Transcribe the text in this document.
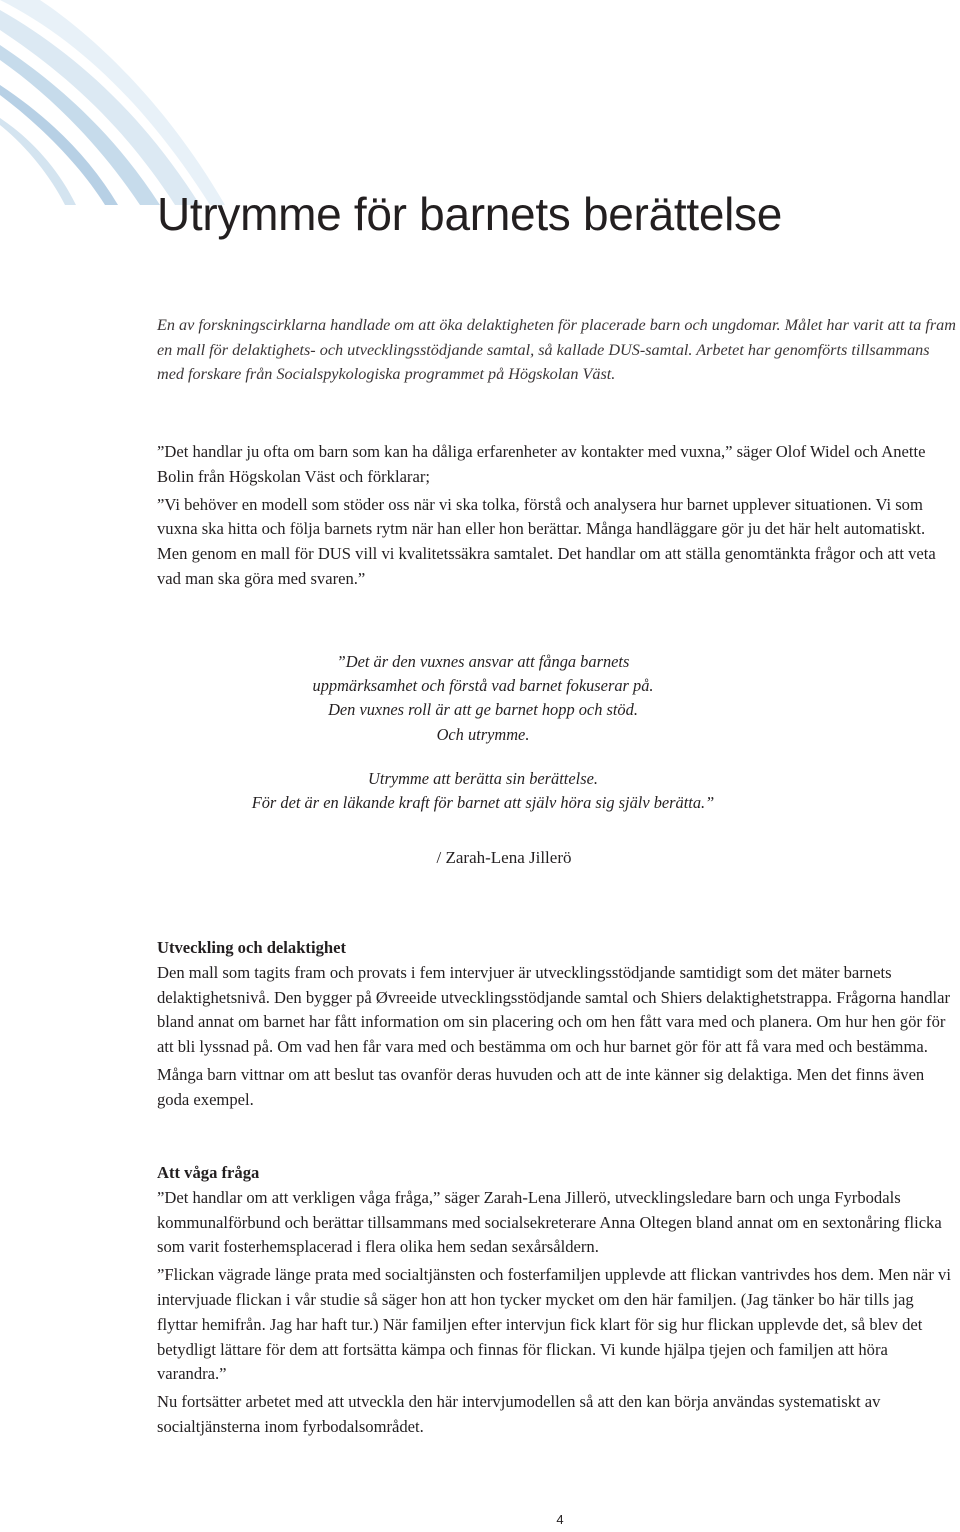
Utrymme för barnets berättelse

En av forskningscirklarna handlade om att öka delaktigheten för placerade barn och ungdomar. Målet har varit att ta fram en mall för delaktighets- och utvecklingsstödjande samtal, så kallade DUS-samtal. Arbetet har genomförts tillsammans med forskare från Socialspykologiska programmet på Högskolan Väst.

”Det handlar ju ofta om barn som kan ha dåliga erfarenheter av kontakter med vuxna,” säger Olof Widel och Anette Bolin från Högskolan Väst och förklarar;

”Vi behöver en modell som stöder oss när vi ska tolka, förstå och analysera hur barnet upplever situationen. Vi som vuxna ska hitta och följa barnets rytm när han eller hon berättar. Många handläggare gör ju det här helt automatiskt. Men genom en mall för DUS vill vi kvalitetssäkra samtalet. Det handlar om att ställa genomtänkta frågor och att veta vad man ska göra med svaren.”

”Det är den vuxnes ansvar att fånga barnets
uppmärksamhet och förstå vad barnet fokuserar på.
Den vuxnes roll är att ge barnet hopp och stöd.
Och utrymme.
Utrymme att berätta sin berättelse.
För det är en läkande kraft för barnet att själv höra sig själv berätta.”
/ Zarah-Lena Jillerö

Utveckling och delaktighet

Den mall som tagits fram och provats i fem intervjuer är utvecklingsstödjande samtidigt som det mäter barnets delaktighetsnivå. Den bygger på Øvreeide utvecklingsstödjande samtal och Shiers delaktighetstrappa. Frågorna handlar bland annat om barnet har fått information om sin placering och om hen fått vara med och planera. Om hur hen gör för att bli lyssnad på. Om vad hen får vara med och bestämma om och hur barnet gör för att få vara med och bestämma.

Många barn vittnar om att beslut tas ovanför deras huvuden och att de inte känner sig delaktiga. Men det finns även goda exempel.

Att våga fråga

”Det handlar om att verkligen våga fråga,” säger Zarah-Lena Jillerö, utvecklingsledare barn och unga Fyrbodals kommunalförbund och berättar tillsammans med socialsekreterare Anna Oltegen bland annat om en sextonåring flicka som varit fosterhemsplacerad i flera olika hem sedan sexårsåldern.

”Flickan vägrade länge prata med socialtjänsten och fosterfamiljen upplevde att flickan vantrivdes hos dem. Men när vi intervjuade flickan i vår studie så säger hon att hon tycker mycket om den här familjen. (Jag tänker bo här tills jag flyttar hemifrån. Jag har haft tur.) När familjen efter intervjun fick klart för sig hur flickan upplevde det, så blev det betydligt lättare för dem att fortsätta kämpa och finnas för flickan. Vi kunde hjälpa tjejen och familjen att höra varandra.”

Nu fortsätter arbetet med att utveckla den här intervjumodellen så att den kan börja användas systematiskt av socialtjänsterna inom fyrbodalsområdet.

4
